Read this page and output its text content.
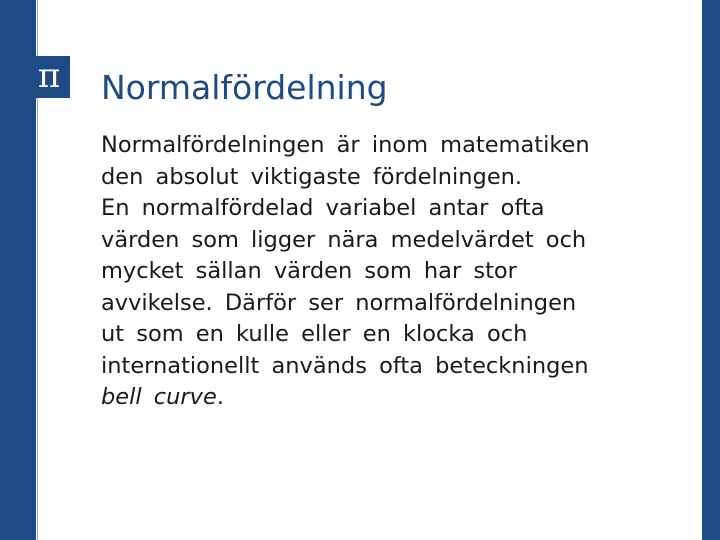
π Normalfördelning

Normalfördelningen är inom matematiken
den absolut viktigaste fördelningen.
En normalfördelad variabel antar ofta
värden som ligger nära medelvärdet och
mycket sällan värden som har stor
avvikelse. Därför ser normalfördelningen
ut som en kulle eller en klocka och
internationellt används ofta beteckningen
bell curve.
